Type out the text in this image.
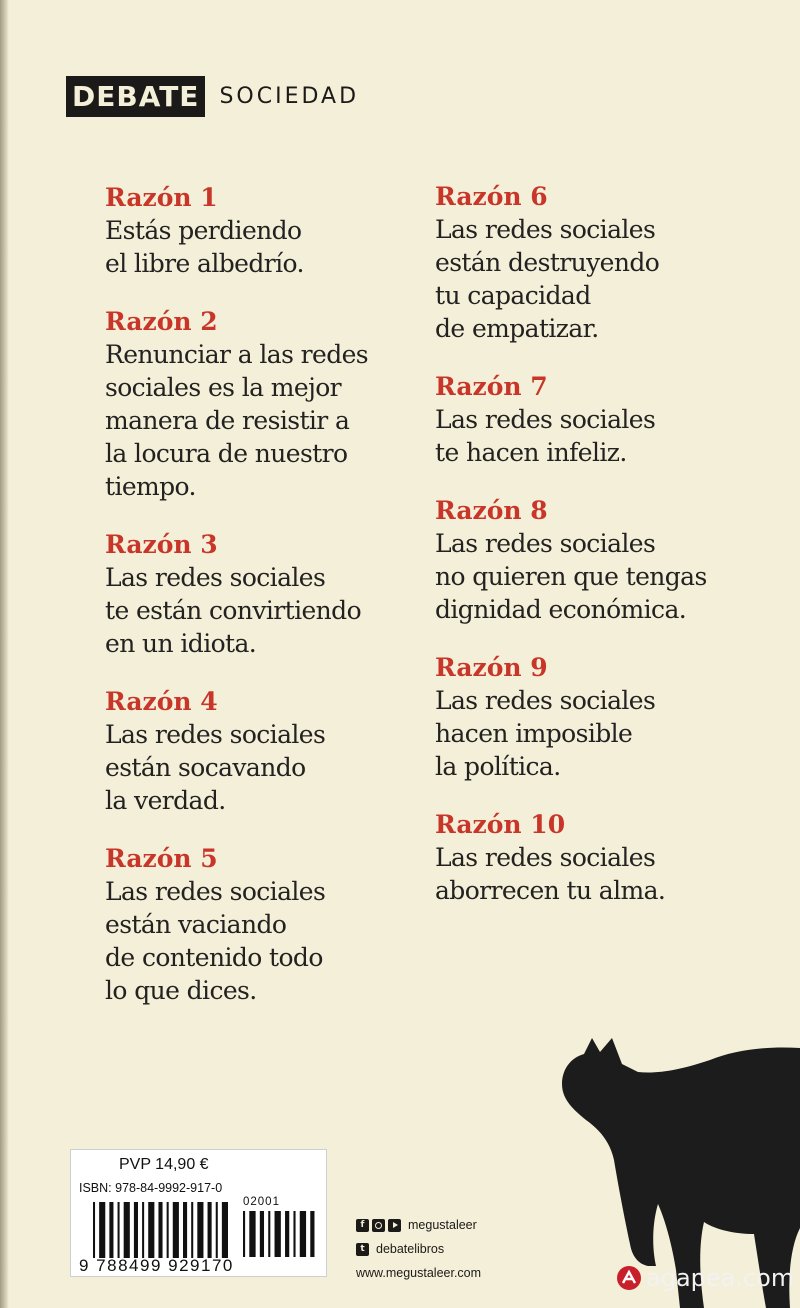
DEBATE SOCIEDAD
Razón 1
Estás perdiendo
el libre albedrío.
Razón 2
Renunciar a las redes
sociales es la mejor
manera de resistir a
la locura de nuestro
tiempo.
Razón 3
Las redes sociales
te están convirtiendo
en un idiota.
Razón 4
Las redes sociales
están socavando
la verdad.
Razón 5
Las redes sociales
están vaciando
de contenido todo
lo que dices.
Razón 6
Las redes sociales
están destruyendo
tu capacidad
de empatizar.
Razón 7
Las redes sociales
te hacen infeliz.
Razón 8
Las redes sociales
no quieren que tengas
dignidad económica.
Razón 9
Las redes sociales
hacen imposible
la política.
Razón 10
Las redes sociales
aborrecen tu alma.
PVP 14,90 €
ISBN: 978-84-9992-917-0
02001
9 788499 929170
f	megustaleer
t debatelibros
www.megustaleer.com	agapea.com
